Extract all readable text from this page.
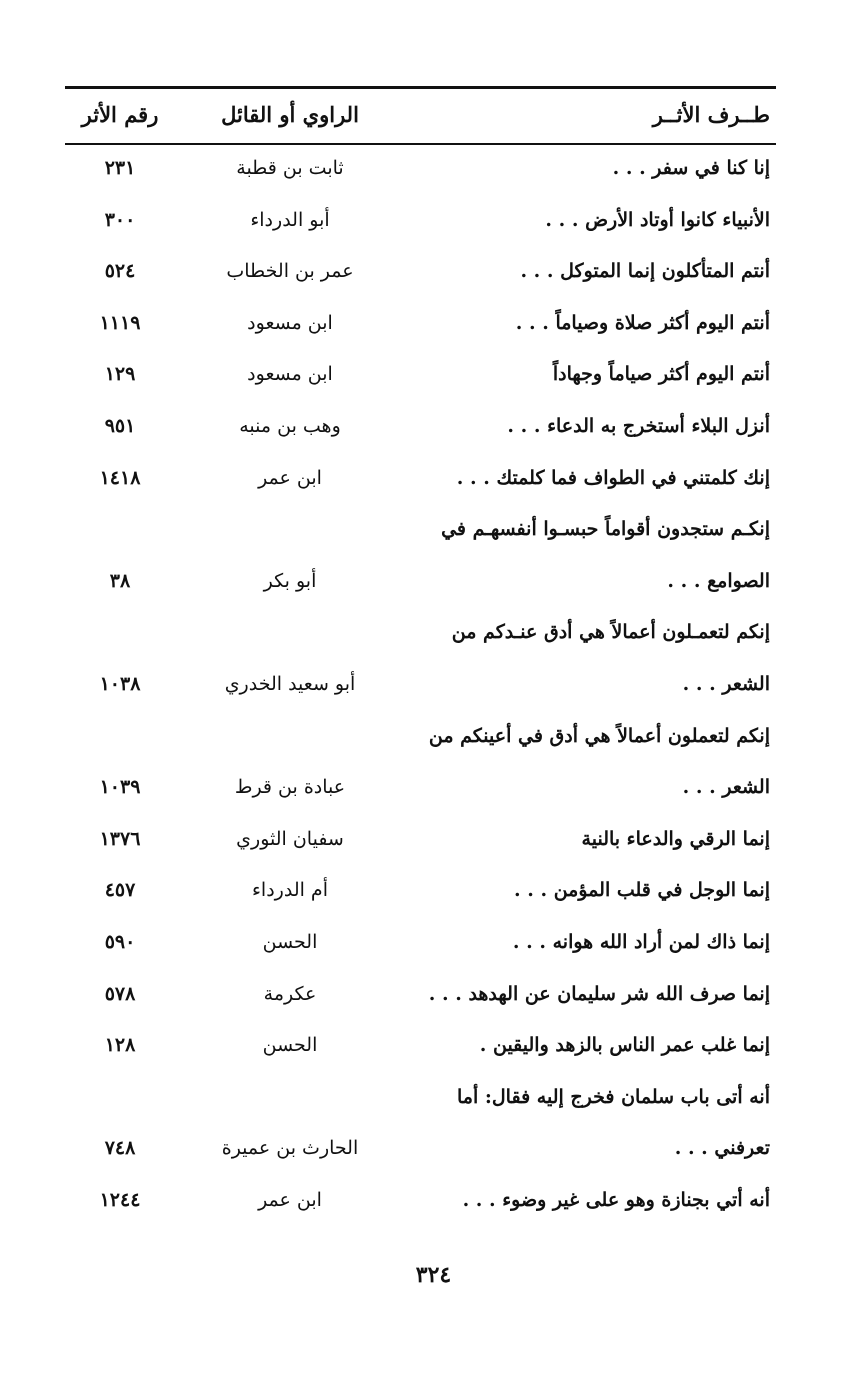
طــرف الأثــر
الراوي أو القائل
رقم الأثر
إنا كنا في سفر . . .
ثابت بن قطبة
٢٣١
الأنبياء كانوا أوتاد الأرض . . .
أبو الدرداء
٣٠٠
أنتم المتأكلون إنما المتوكل . . .
عمر بن الخطاب
٥٢٤
أنتم اليوم أكثر صلاة وصياماً . . .
ابن مسعود
١١١٩
أنتم اليوم أكثر صياماً وجهاداً
ابن مسعود
١٢٩
أنزل البلاء أستخرج به الدعاء . . .
وهب بن منبه
٩٥١
إنك كلمتني في الطواف فما كلمتك . . .
ابن عمر
١٤١٨
إنكـم ستجدون أقواماً حبسـوا أنفسهـم في
الصوامع . . .
أبو بكر
٣٨
إنكم لتعمـلون أعمالاً هي أدق عنـدكم من
الشعر . . .
أبو سعيد الخدري
١٠٣٨
إنكم لتعملون أعمالاً هي أدق في أعينكم من
الشعر . . .
عبادة بن قرط
١٠٣٩
إنما الرقي والدعاء بالنية
سفيان الثوري
١٣٧٦
إنما الوجل في قلب المؤمن . . .
أم الدرداء
٤٥٧
إنما ذاك لمن أراد الله هوانه . . .
الحسن
٥٩٠
إنما صرف الله شر سليمان عن الهدهد . . .
عكرمة
٥٧٨
إنما غلب عمر الناس بالزهد واليقين .
الحسن
١٢٨
أنه أتى باب سلمان فخرج إليه فقال: أما
تعرفني . . .
الحارث بن عميرة
٧٤٨
أنه أتي بجنازة وهو على غير وضوء . . .
ابن عمر
١٢٤٤
٣٢٤
